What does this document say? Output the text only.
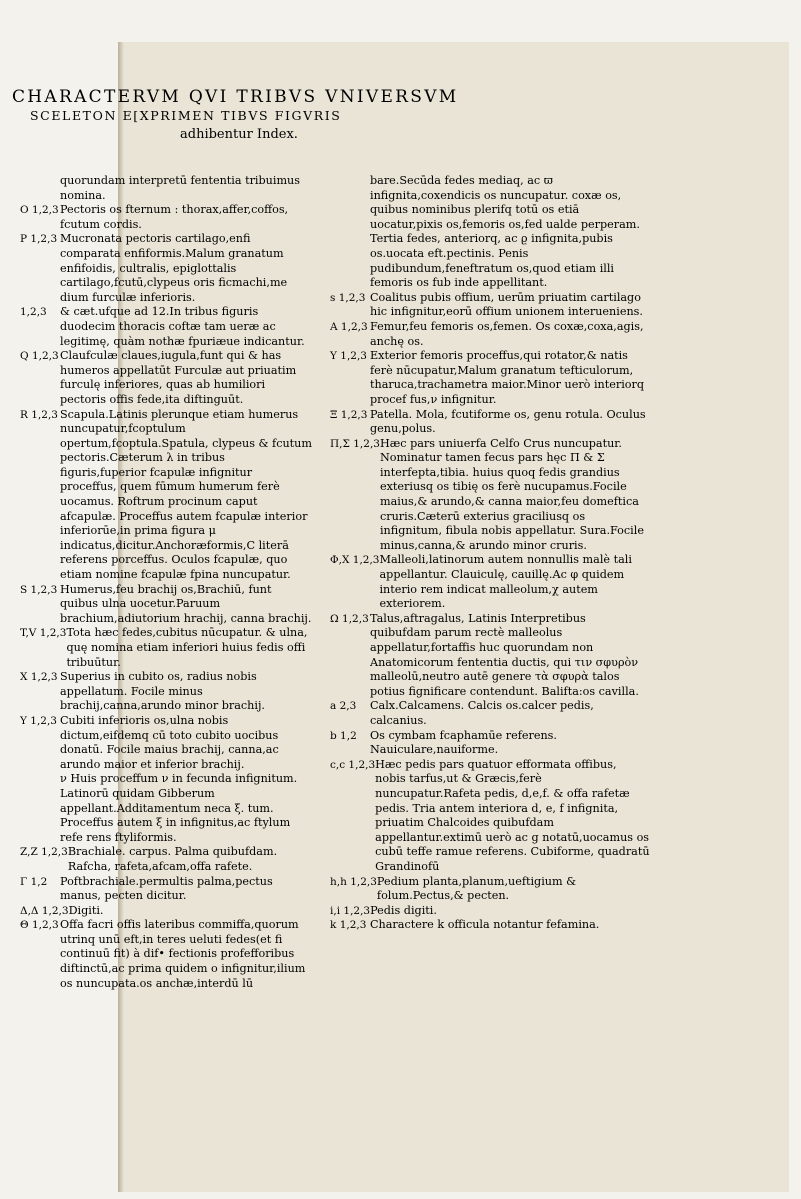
CHARACTERVM QVI TRIBVS VNIVERSVM
SCELETON E[XPRIMEN TIBVS FIGVRIS
adhibentur Index.
quorundam interpretū fententia tribuimus nomina.
O 1,2,3 Pectoris os fternum : thorax,affer,coffos, fcutum cordis.
P 1,2,3 Mucronata pectoris cartilago,enfi comparata enfiformis.Malum granatum enfifoidis, cultralis, epiglottalis cartilago,fcutū,clypeus oris ficmachi,me dium furculæ inferioris.
1,2,3	& cæt.ufque ad 12.In tribus figuris duodecim thoracis coftæ tam ueræ ac legitimę, quàm nothæ fpuriæue indicantur.
Q 1,2,3 Claufculæ claues,iugula,funt qui & has humeros appellatūt Furculæ aut priuatim furculę inferiores, quas ab humiliori pectoris offis fede,ita diftinguūt.
R 1,2,3 Scapula.Latinis plerunque etiam humerus nuncupatur,fcoptulum opertum,fcoptula.Spatula, clypeus & fcutum pectoris.Cæterum λ in tribus figuris,fuperior fcapulæ infignitur proceffus, quem fūmum humerum ferè uocamus. Roftrum procinum caput afcapulæ. Proceffus autem fcapulæ interior inferiorūe,in prima figura μ indicatus,dicitur.Anchoræformis,C literā referens porceffus. Oculos fcapulæ, quo etiam nomine fcapulæ fpina nuncupatur.
S 1,2,3 Humerus,feu brachij os,Brachiū, funt quibus ulna uocetur.Paruum brachium,adiutorium hrachij, canna brachij.
T,V 1,2,3 Tota hæc fedes,cubitus nūcupatur. & ulna, quę nomina etiam inferiori huius fedis offi tribuūtur.
X 1,2,3 Superius in cubito os, radius nobis appellatum. Focile minus brachij,canna,arundo minor brachij.
Y 1,2,3 Cubiti inferioris os,ulna nobis dictum,eifdemq cū toto cubito uocibus donatū. Focile maius brachij, canna,ac arundo maior et inferior brachij.
ν Huis proceffum ν in fecunda infignitum. Latinorū quidam Gibberum appellant.Additamentum neca ξ. tum. Proceffus autem ξ in infignitus,ac ftylum refe rens ftyliformis.
Z,Z 1,2,3 Brachiale. carpus. Palma quibufdam. Rafcha, rafeta,afcam,offa rafete.
Γ 1,2	Poftbrachiale.permultis palma,pectus manus, pecten dicitur.
Δ,Δ 1,2,3 Digiti.
Θ 1,2,3 Offa facri offis lateribus commiffa,quorum utrinq unū eft,in teres ueluti fedes(et fi continuū fit) à dif• fectionis profefforibus diftinctū,ac prima quidem o infignitur,ilium os nuncupata.os anchæ,interdū lū
bare.Secūda fedes mediaq, ac ϖ infignita,coxendicis os nuncupatur. coxæ os, quibus nominibus plerifq totū os etiā uocatur,pixis os,femoris os,fed ualde perperam. Tertia fedes, anteriorq, ac ϱ infignita,pubis os.uocata eft.pectinis. Penis pudibundum,feneftratum os,quod etiam illi femoris os fub inde appellitant.
s 1,2,3 Coalitus pubis offium, uerūm priuatim cartilago hic infignitur,eorū offium unionem interueniens.
A 1,2,3 Femur,feu femoris os,femen. Os coxæ,coxa,agis, anchę os.
Υ 1,2,3 Exterior femoris proceffus,qui rotator,& natis ferè nūcupatur,Malum granatum tefticulorum, tharuca,trachametra maior.Minor uerò interiorq procef fus,ν infignitur.
Ξ 1,2,3 Patella. Mola, fcutiforme os, genu rotula. Oculus genu,polus.
Π,Σ 1,2,3 Hæc pars uniuerfa Celfo Crus nuncupatur. Nominatur tamen fecus pars hęc Π & Σ interfepta,tibia. huius quoq fedis grandius exteriusq os tibię os ferè nucupamus.Focile maius,& arundo,& canna maior,feu domeftica cruris.Cæterū exterius graciliusq os infignitum, fibula nobis appellatur. Sura.Focile minus,canna,& arundo minor cruris.
Φ,Χ 1,2,3 Malleoli,latinorum autem nonnullis malè tali appellantur. Clauiculę, cauillę.Ac φ quidem interio rem indicat malleolum,χ autem exteriorem.
Ω 1,2,3 Talus,aftragalus, Latinis Interpretibus quibufdam parum rectè malleolus appellatur,fortaffis huc quorundam non Anatomicorum fententia ductis, qui τιν σφυρὸν malleolū,neutro autē genere τὰ σφυρὰ talos potius fignificare contendunt. Balifta:os cavilla.
a 2,3	Calx.Calcamens. Calcis os.calcer pedis, calcanius.
b 1,2	Os cymbam fcaphamūe referens. Nauiculare,nauiforme.
c,c 1,2,3 Hæc pedis pars quatuor efformata offibus, nobis tarfus,ut & Græcis,ferè nuncupatur.Rafeta pedis, d,e,f. & offa rafetæ pedis. Tria antem interiora d, e, f infignita, priuatim Chalcoides quibufdam appellantur.extimū uerò ac g notatū,uocamus os cubū teffe ramue referens. Cubiforme, quadratū Grandinofū
h,h 1,2,3 Pedium planta,planum,ueftigium & folum.Pectus,& pecten.
i,i 1,2,3 Pedis digiti.
k 1,2,3 Charactere k officula notantur fefamina.
